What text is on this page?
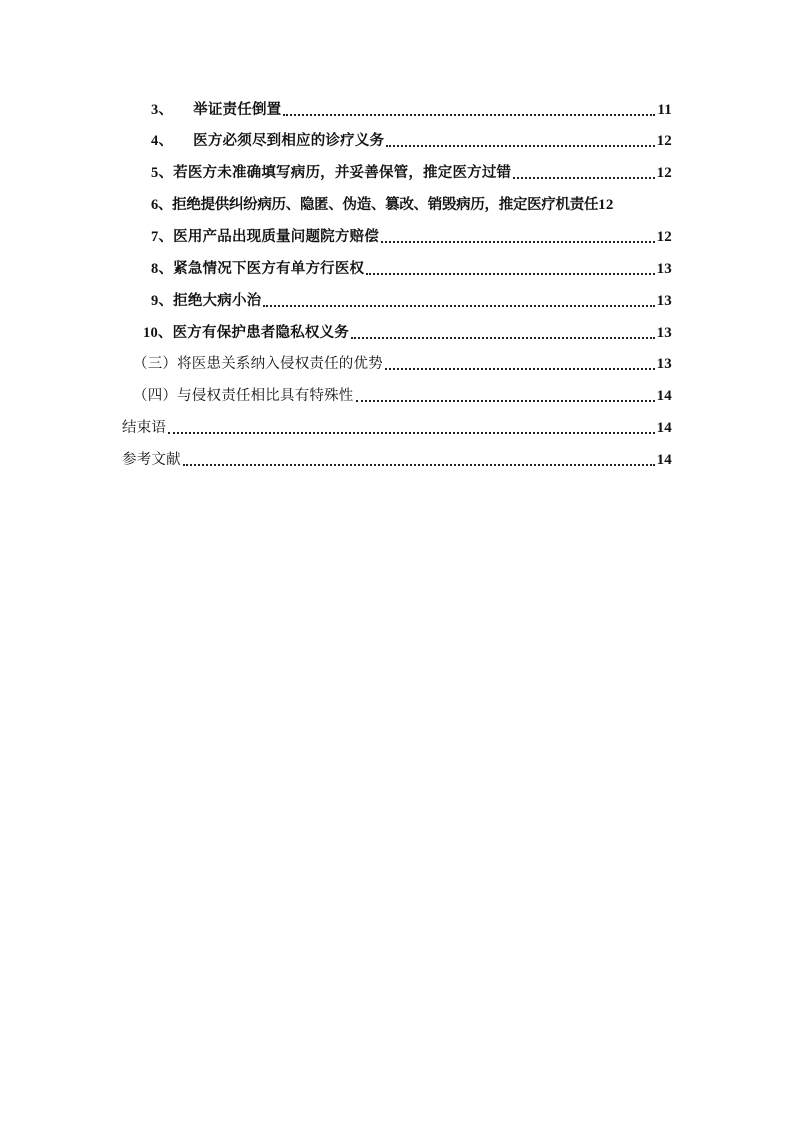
3、 举证责任倒置	11
4、 医方必须尽到相应的诊疗义务	12
5、若医方未准确填写病历，并妥善保管，推定医方过错	12
6、拒绝提供纠纷病历、隐匿、伪造、篡改、销毁病历，推定医疗机责任 12
7、医用产品出现质量问题院方赔偿	12
8、紧急情况下医方有单方行医权	13
9、拒绝大病小治	13
10、医方有保护患者隐私权义务	13
（三）将医患关系纳入侵权责任的优势	13
（四）与侵权责任相比具有特殊性	14
结束语	14
参考文献	14
